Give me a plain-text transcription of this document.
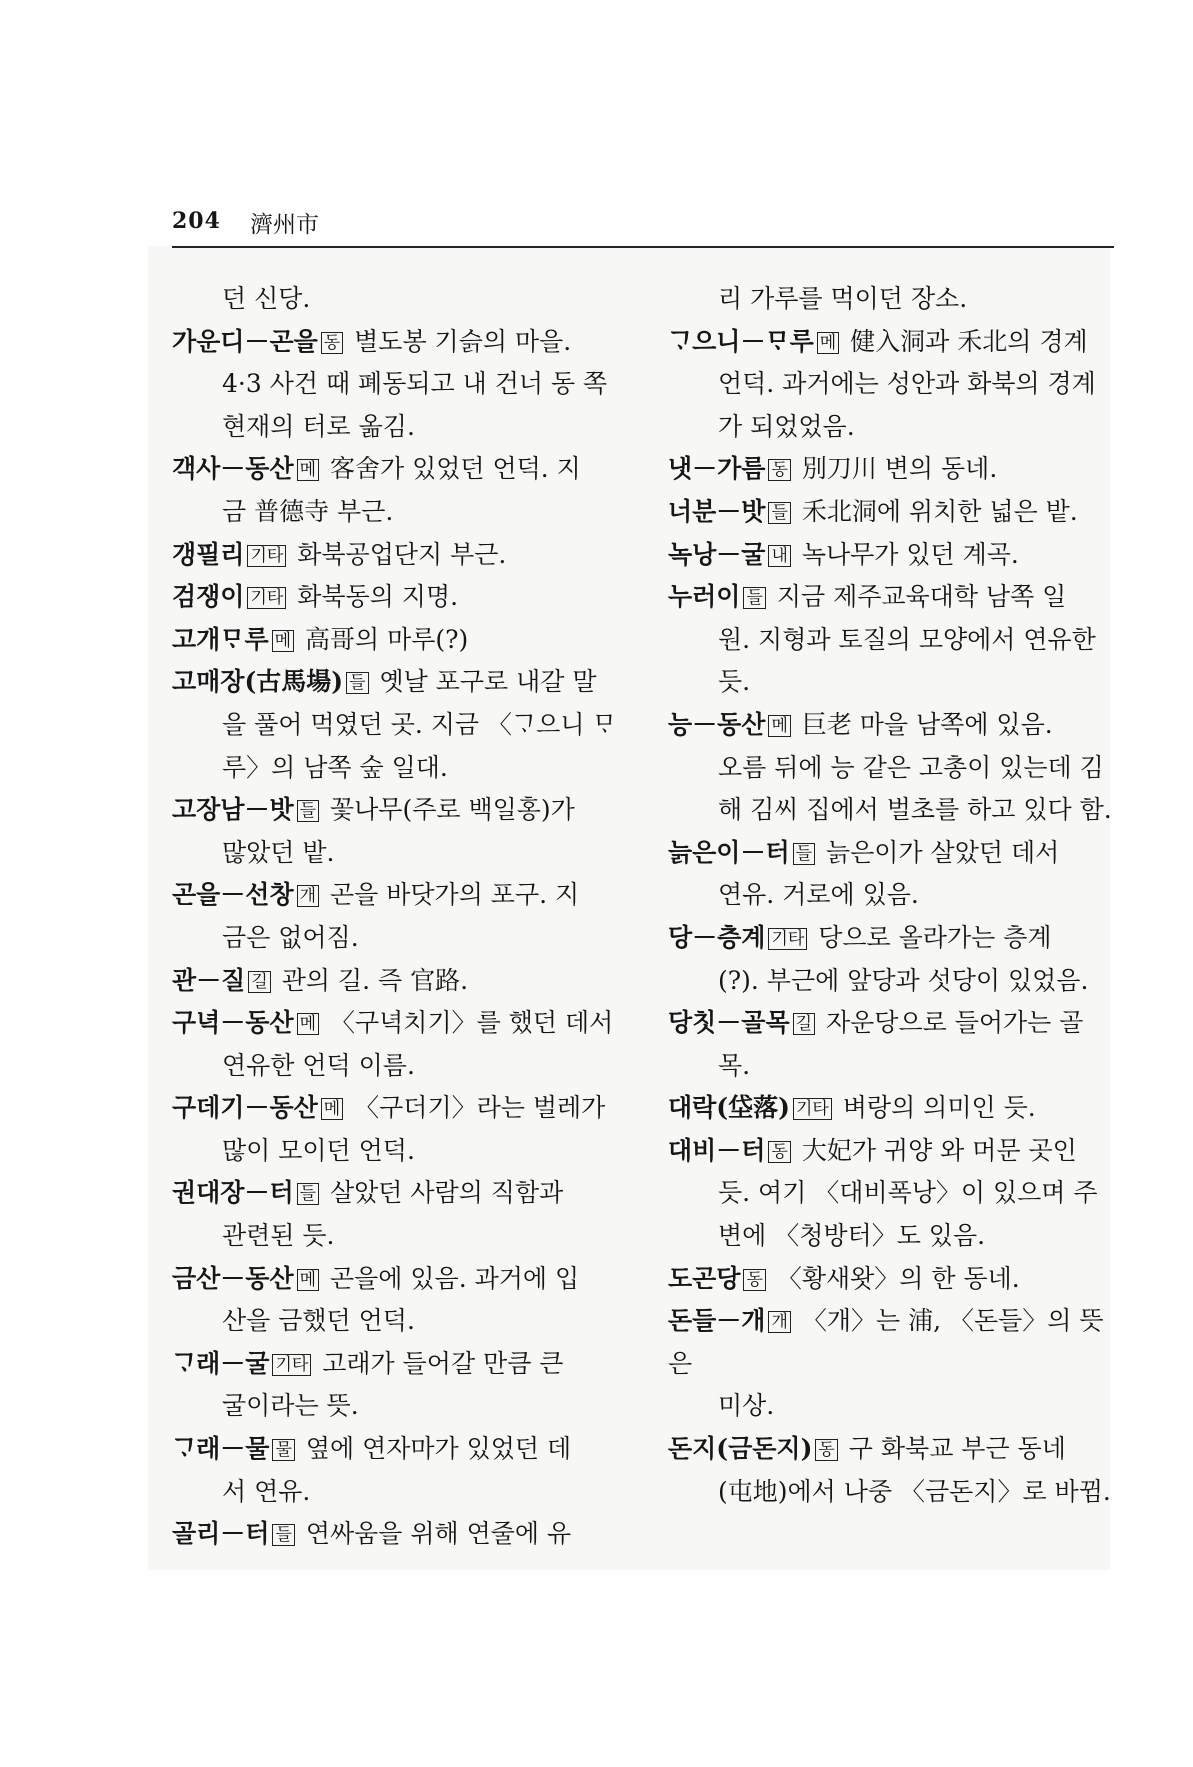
204 濟州市

던 신당.

가운디－곤을 동 별도봉 기슭의 마을.

4·3 사건 때 폐동되고 내 건너 동 쪽 현재의 터로 옮김.

객사－동산 메 客舍가 있었던 언덕. 지

금 普德寺 부근.

갱필리 기타 화북공업단지 부근.

검쟁이 기타 화북동의 지명.

고개ᄆᆞ루 메 高哥의 마루(?)

고매장(古馬場) 들 옛날 포구로 내갈 말

을 풀어 먹였던 곳. 지금 〈ᄀᆞ으니 ᄆᆞ루〉의 남쪽 숲 일대.

고장남－밧 들 꽃나무(주로 백일홍)가

많았던 밭.

곤을－선창 개 곤을 바닷가의 포구. 지

금은 없어짐.

관－질 길 관의 길. 즉 官路.

구녁－동산 메 〈구녁치기〉를 했던 데서

연유한 언덕 이름.

구데기－동산 메 〈구더기〉라는 벌레가

많이 모이던 언덕.

권대장－터 들 살았던 사람의 직함과

관련된 듯.

금산－동산 메 곤을에 있음. 과거에 입

산을 금했던 언덕.

ᄀᆞ래－굴 기타 고래가 들어갈 만큼 큰

굴이라는 뜻.

ᄀᆞ래－물 물 옆에 연자마가 있었던 데

서 연유.

골리－터 들 연싸움을 위해 연줄에 유

리 가루를 먹이던 장소.

ᄀᆞ으니－ᄆᆞ루 메 健入洞과 禾北의 경계

언덕. 과거에는 성안과 화북의 경계가 되었었음.

냇－가름 동 別刀川 변의 동네.

너분－밧 들 禾北洞에 위치한 넓은 밭.

녹낭－굴 내 녹나무가 있던 계곡.

누러이 들 지금 제주교육대학 남쪽 일

원. 지형과 토질의 모양에서 연유한 듯.

능－동산 메 巨老 마을 남쪽에 있음.

오름 뒤에 능 같은 고총이 있는데 김해 김씨 집에서 벌초를 하고 있다 함.

늙은이－터 들 늙은이가 살았던 데서

연유. 거로에 있음.

당－층계 기타 당으로 올라가는 층계

(?). 부근에 앞당과 섯당이 있었음.

당칫－골목 길 자운당으로 들어가는 골

목.

대락(垈落) 기타 벼랑의 의미인 듯.

대비－터 동 大妃가 귀양 와 머문 곳인

듯. 여기 〈대비폭낭〉이 있으며 주변에 〈청방터〉도 있음.

도곤당 동 〈황새왓〉의 한 동네.

돈들－개 개 〈개〉는 浦, 〈돈들〉의 뜻은

미상.

돈지(금돈지) 동 구 화북교 부근 동네

(屯地)에서 나중 〈금돈지〉로 바뀜.
